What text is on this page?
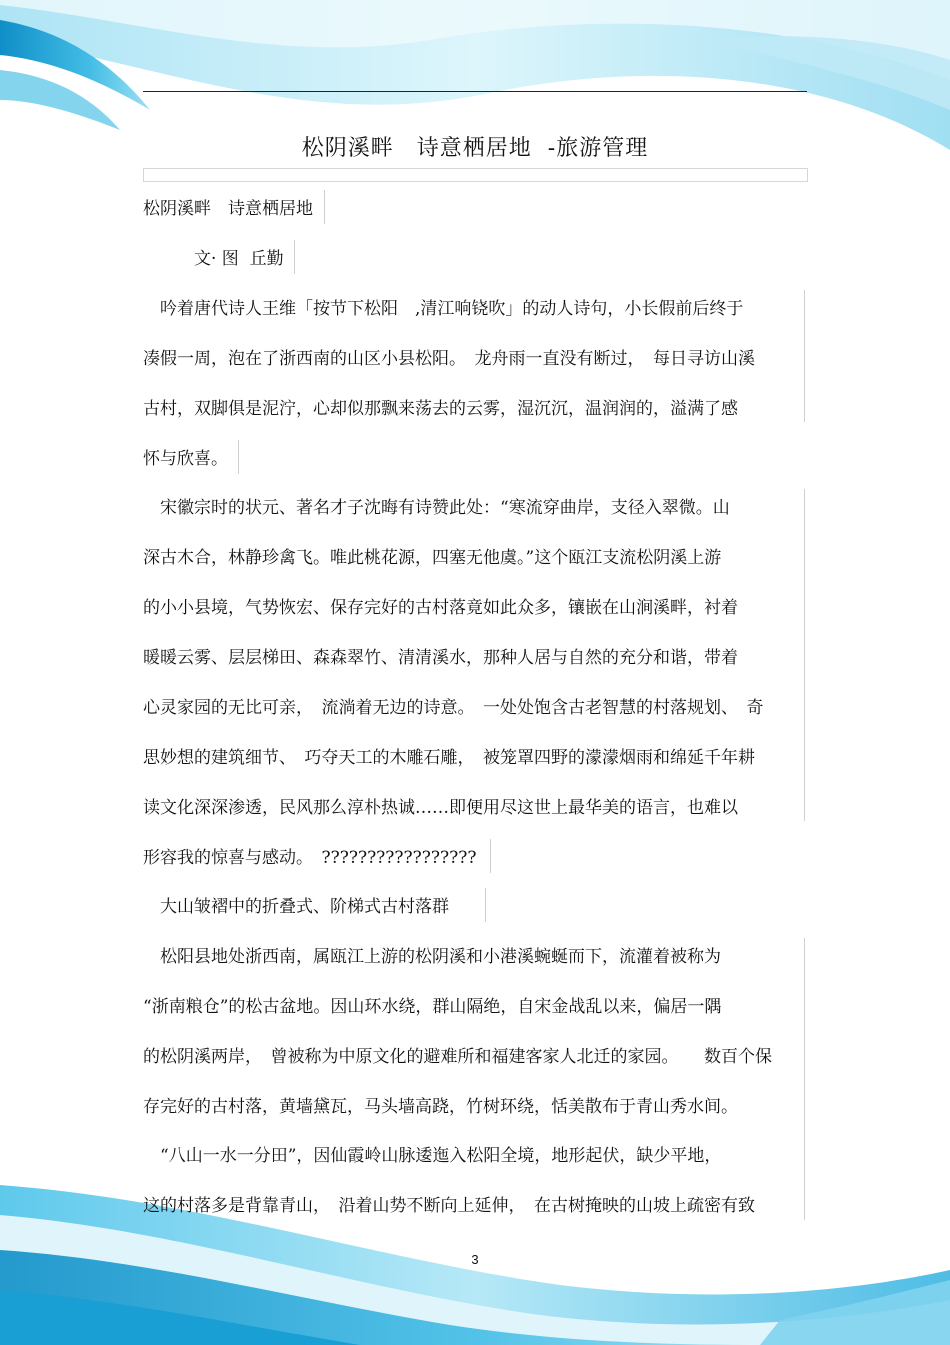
松阴溪畔　诗意栖居地  -旅游管理
松阴溪畔　诗意栖居地
　　　文· 图  丘勤
　吟着唐代诗人王维「按节下松阳　,清江响铙吹」的动人诗句，小长假前后终于
凑假一周，泡在了浙西南的山区小县松阳。　龙舟雨一直没有断过，　每日寻访山溪
古村，双脚俱是泥泞，心却似那飘来荡去的云雾，湿沉沉，温润润的，溢满了感
怀与欣喜。
　宋徽宗时的状元、著名才子沈晦有诗赞此处：“寒流穿曲岸，支径入翠微。山
深古木合，林静珍禽飞。唯此桃花源，四塞无他虞。”这个瓯江支流松阴溪上游
的小小县境，气势恢宏、保存完好的古村落竟如此众多，镶嵌在山涧溪畔，衬着
暖暖云雾、层层梯田、森森翠竹、清清溪水，那种人居与自然的充分和谐，带着
心灵家园的无比可亲，　流淌着无边的诗意。　一处处饱含古老智慧的村落规划、　奇
思妙想的建筑细节、　巧夺天工的木雕石雕，　被笼罩四野的濛濛烟雨和绵延千年耕
读文化深深渗透，民风那么淳朴热诚……即便用尽这世上最华美的语言，也难以
形容我的惊喜与感动。　?????????????????
　大山皱褶中的折叠式、阶梯式古村落群
　松阳县地处浙西南，属瓯江上游的松阴溪和小港溪蜿蜒而下，流灌着被称为
“浙南粮仓”的松古盆地。因山环水绕，群山隔绝，自宋金战乱以来，偏居一隅
的松阴溪两岸，　曾被称为中原文化的避难所和福建客家人北迁的家园。　　数百个保
存完好的古村落，黄墙黛瓦，马头墙高跷，竹树环绕，恬美散布于青山秀水间。
　“八山一水一分田”，因仙霞岭山脉逶迤入松阳全境，地形起伏，缺少平地，
这的村落多是背靠青山，　沿着山势不断向上延伸，　在古树掩映的山坡上疏密有致
3
